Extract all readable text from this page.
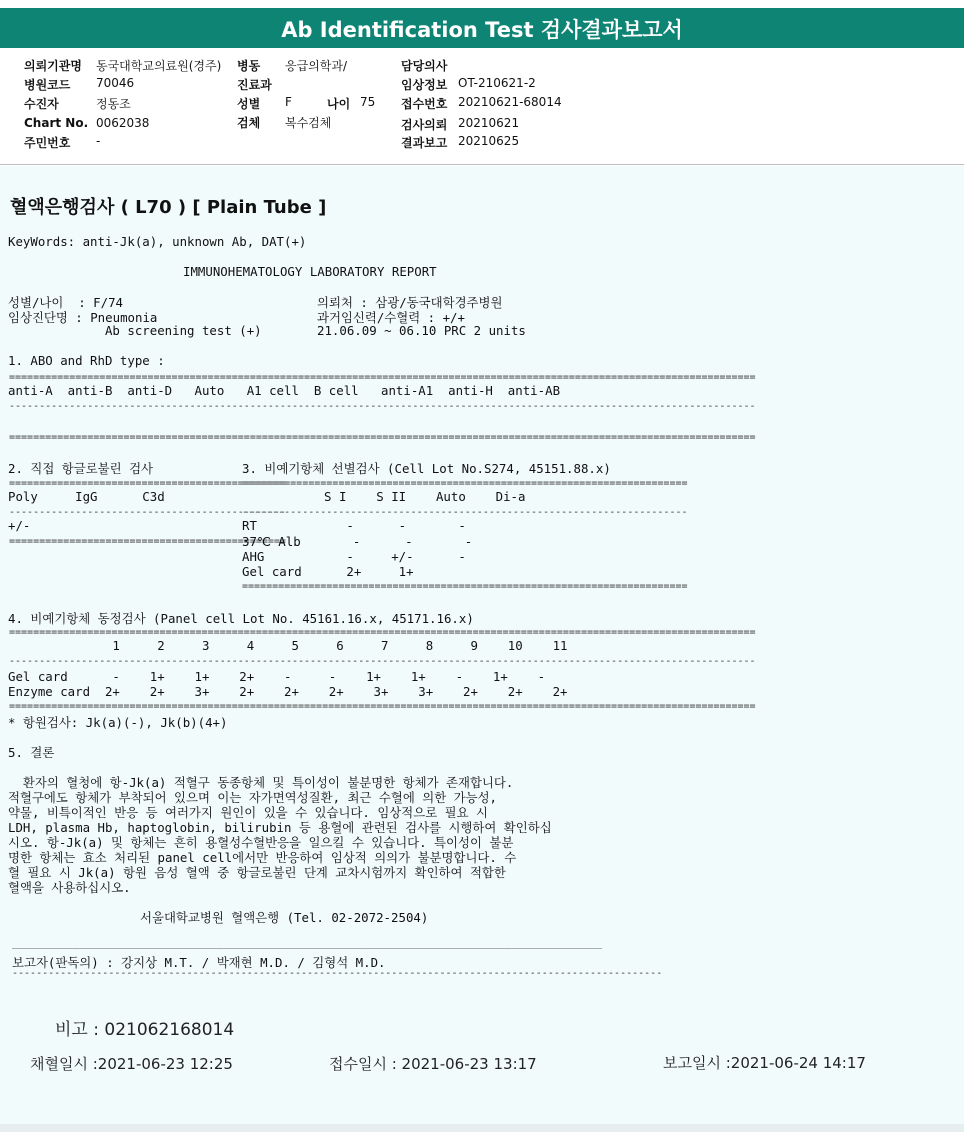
Ab Identification Test 검사결과보고서
의뢰기관명 동국대학교의료원(경주)
병원코드 70046
수진자	정동조
Chart No. 0062038
주민번호 -
병동 응급의학과/
진료과
성별 F	나이 75
검체 복수검체
담당의사
임상정보 OT-210621-2
접수번호 20210621-68014
검사의뢰 20210621
결과보고 20210625
혈액은행검사 ( L70 ) [ Plain Tube ]
KeyWords: anti-Jk(a), unknown Ab, DAT(+)
IMMUNOHEMATOLOGY LABORATORY REPORT
성별/나이  : F/74
임상진단명 : Pneumonia
Ab screening test (+)
의뢰처 : 삼광/동국대학경주병원
과거임신력/수혈력 : +/+
21.06.09 ~ 06.10 PRC 2 units
1. ABO and RhD type :
============================================================================================================================
anti-A  anti-B  anti-D   Auto   A1 cell  B cell   anti-A1  anti-H  anti-AB
----------------------------------------------------------------------------------------------------------------------------
============================================================================================================================
2. 직접 항글로불린 검사
==============================================
Poly     IgG      C3d
----------------------------------------------
+/-
==============================================
3. 비예기항체 선별검사 (Cell Lot No.S274, 45151.88.x)
==========================================================================
S I    S II    Auto    Di-a
--------------------------------------------------------------------------
RT            -      -       -
37℃ Alb       -      -       -
AHG           -     +/-      -
Gel card      2+     1+
==========================================================================
4. 비예기항체 동정검사 (Panel cell Lot No. 45161.16.x, 45171.16.x)
============================================================================================================================
1     2     3     4     5     6     7     8     9    10    11
----------------------------------------------------------------------------------------------------------------------------
Gel card      -    1+    1+    2+    -     -    1+    1+    -    1+    -
Enzyme card  2+    2+    3+    2+    2+    2+    3+    3+    2+    2+    2+
============================================================================================================================
* 항원검사: Jk(a)(-), Jk(b)(4+)
5. 결론
환자의 혈청에 항-Jk(a) 적혈구 동종항체 및 특이성이 불분명한 항체가 존재합니다.
적혈구에도 항체가 부착되어 있으며 이는 자가면역성질환, 최근 수혈에 의한 가능성,
약물, 비특이적인 반응 등 여러가지 원인이 있을 수 있습니다. 임상적으로 필요 시
LDH, plasma Hb, haptoglobin, bilirubin 등 용혈에 관련된 검사를 시행하여 확인하십
시오. 항-Jk(a) 및 항체는 흔히 용혈성수혈반응을 일으킬 수 있습니다. 특이성이 불분
명한 항체는 효소 처리된 panel cell에서만 반응하여 임상적 의의가 불분명합니다. 수
혈 필요 시 Jk(a) 항원 음성 혈액 중 항글로불린 단계 교차시험까지 확인하여 적합한
혈액을 사용하십시오.
서울대학교병원 혈액은행 (Tel. 02-2072-2504)
__________________________________________________________________________________________________
보고자(판독의) : 강지상 M.T. / 박재현 M.D. / 김형석 M.D.
------------------------------------------------------------------------------------------------------------
비고 : 021062168014
채혈일시 :2021-06-23 12:25	접수일시 : 2021-06-23 13:17	보고일시 :2021-06-24 14:17
